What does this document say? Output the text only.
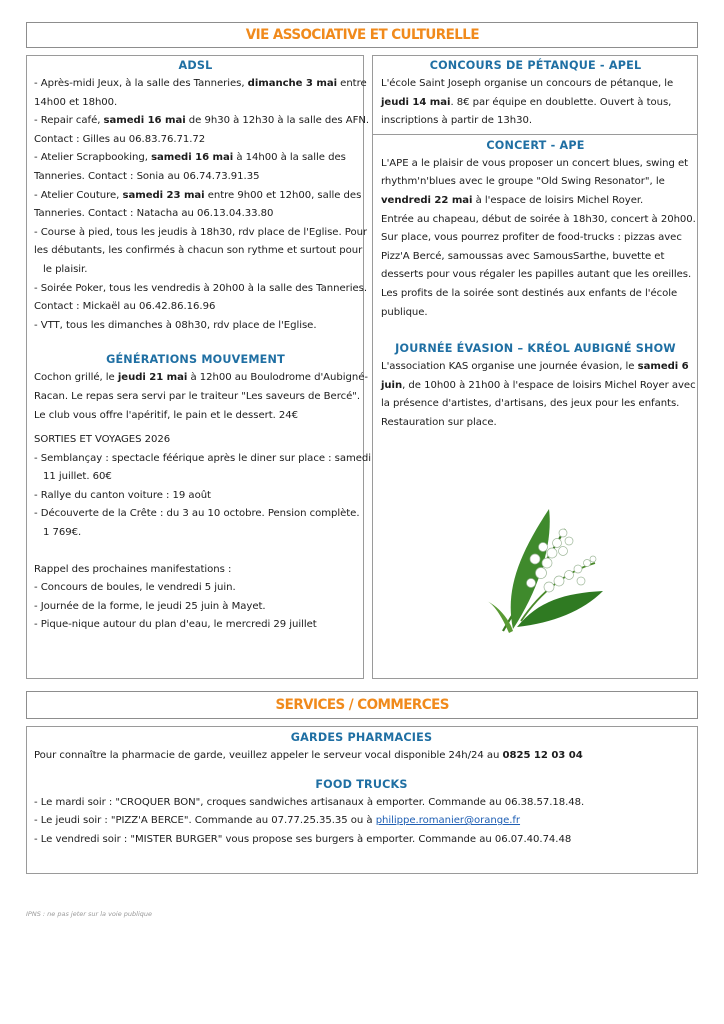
VIE ASSOCIATIVE ET CULTURELLE
ADSL
- Après-midi Jeux, à la salle des Tanneries, dimanche 3 mai entre
14h00 et 18h00.
- Repair café, samedi 16 mai de 9h30 à 12h30 à la salle des AFN.
Contact : Gilles au 06.83.76.71.72
- Atelier Scrapbooking, samedi 16 mai à 14h00 à la salle des
Tanneries. Contact : Sonia au 06.74.73.91.35
- Atelier Couture, samedi 23 mai entre 9h00 et 12h00, salle des
Tanneries. Contact : Natacha au 06.13.04.33.80
- Course à pied, tous les jeudis à 18h30, rdv place de l'Eglise. Pour
les débutants, les confirmés à chacun son rythme et surtout pour
le plaisir.
- Soirée Poker, tous les vendredis à 20h00 à la salle des Tanneries.
Contact : Mickaël au 06.42.86.16.96
- VTT, tous les dimanches à 08h30, rdv place de l'Eglise.
GÉNÉRATIONS MOUVEMENT
Cochon grillé, le jeudi 21 mai à 12h00 au Boulodrome d'Aubigné-
Racan. Le repas sera servi par le traiteur "Les saveurs de Bercé".
Le club vous offre l'apéritif, le pain et le dessert. 24€
SORTIES ET VOYAGES 2026
- Semblançay : spectacle féérique après le diner sur place : samedi
11 juillet. 60€
- Rallye du canton voiture : 19 août
- Découverte de la Crête : du 3 au 10 octobre. Pension complète.
1 769€.
Rappel des prochaines manifestations :
- Concours de boules, le vendredi 5 juin.
- Journée de la forme, le jeudi 25 juin à Mayet.
- Pique-nique autour du plan d'eau, le mercredi 29 juillet
CONCOURS DE PÉTANQUE - APEL
L'école Saint Joseph organise un concours de pétanque, le
jeudi 14 mai. 8€ par équipe en doublette. Ouvert à tous,
inscriptions à partir de 13h30.
CONCERT - APE
L'APE a le plaisir de vous proposer un concert blues, swing et
rhythm'n'blues avec le groupe "Old Swing Resonator", le
vendredi 22 mai à l'espace de loisirs Michel Royer.
Entrée au chapeau, début de soirée à 18h30, concert à 20h00.
Sur place, vous pourrez profiter de food-trucks : pizzas avec
Pizz'A Bercé, samoussas avec SamousSarthe, buvette et
desserts pour vous régaler les papilles autant que les oreilles.
Les profits de la soirée sont destinés aux enfants de l'école
publique.
JOURNÉE ÉVASION – KRÉOL AUBIGNÉ SHOW
L'association KAS organise une journée évasion, le samedi 6
juin, de 10h00 à 21h00 à l'espace de loisirs Michel Royer avec
la présence d'artistes, d'artisans, des jeux pour les enfants.
Restauration sur place.
SERVICES / COMMERCES
GARDES PHARMACIES
Pour connaître la pharmacie de garde, veuillez appeler le serveur vocal disponible 24h/24 au 0825 12 03 04
FOOD TRUCKS
- Le mardi soir : "CROQUER BON", croques sandwiches artisanaux à emporter. Commande au 06.38.57.18.48.
- Le jeudi soir : "PIZZ'A BERCE". Commande au 07.77.25.35.35 ou à philippe.romanier@orange.fr
- Le vendredi soir : "MISTER BURGER" vous propose ses burgers à emporter. Commande au 06.07.40.74.48
IPNS : ne pas jeter sur la voie publique
